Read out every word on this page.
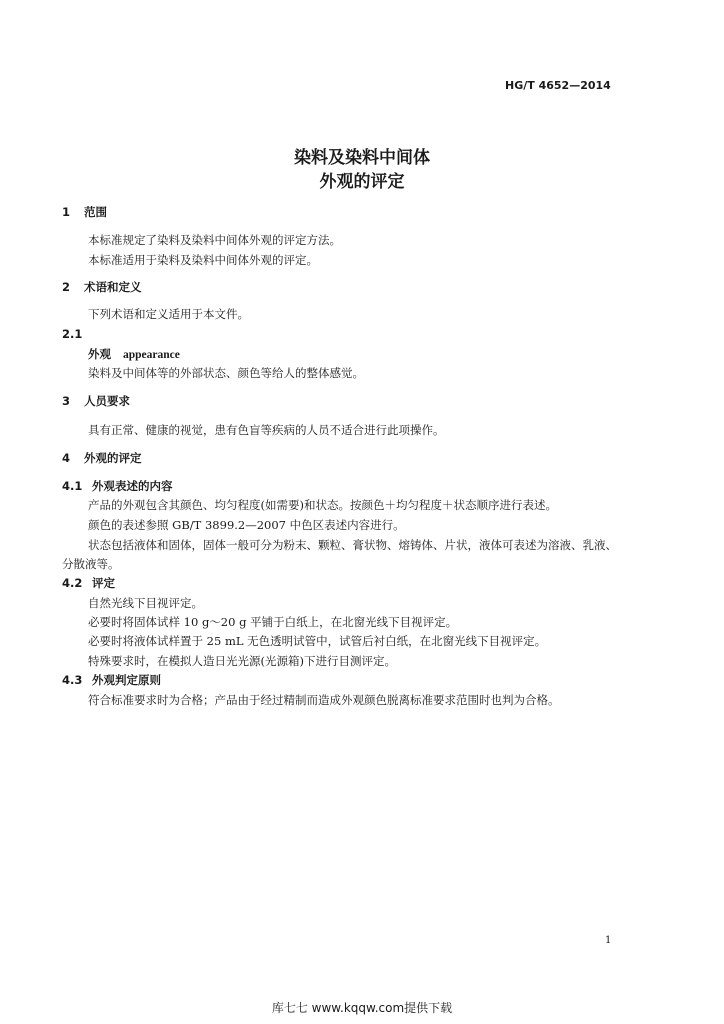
HG/T 4652—2014
染料及染料中间体
外观的评定
1 范围
本标准规定了染料及染料中间体外观的评定方法。
本标准适用于染料及染料中间体外观的评定。
2 术语和定义
下列术语和定义适用于本文件。
2.1
外观 appearance
染料及中间体等的外部状态、颜色等给人的整体感觉。
3 人员要求
具有正常、健康的视觉，患有色盲等疾病的人员不适合进行此项操作。
4 外观的评定
4.1 外观表述的内容
产品的外观包含其颜色、均匀程度(如需要)和状态。按颜色＋均匀程度＋状态顺序进行表述。
颜色的表述参照 GB/T 3899.2—2007 中色区表述内容进行。
状态包括液体和固体，固体一般可分为粉末、颗粒、膏状物、熔铸体、片状，液体可表述为溶液、乳液、
分散液等。
4.2 评定
自然光线下目视评定。
必要时将固体试样 10 g～20 g 平铺于白纸上，在北窗光线下目视评定。
必要时将液体试样置于 25 mL 无色透明试管中，试管后衬白纸，在北窗光线下目视评定。
特殊要求时，在模拟人造日光光源(光源箱)下进行目测评定。
4.3 外观判定原则
符合标准要求时为合格；产品由于经过精制而造成外观颜色脱离标准要求范围时也判为合格。
1
库七七 www.kqqw.com提供下载
